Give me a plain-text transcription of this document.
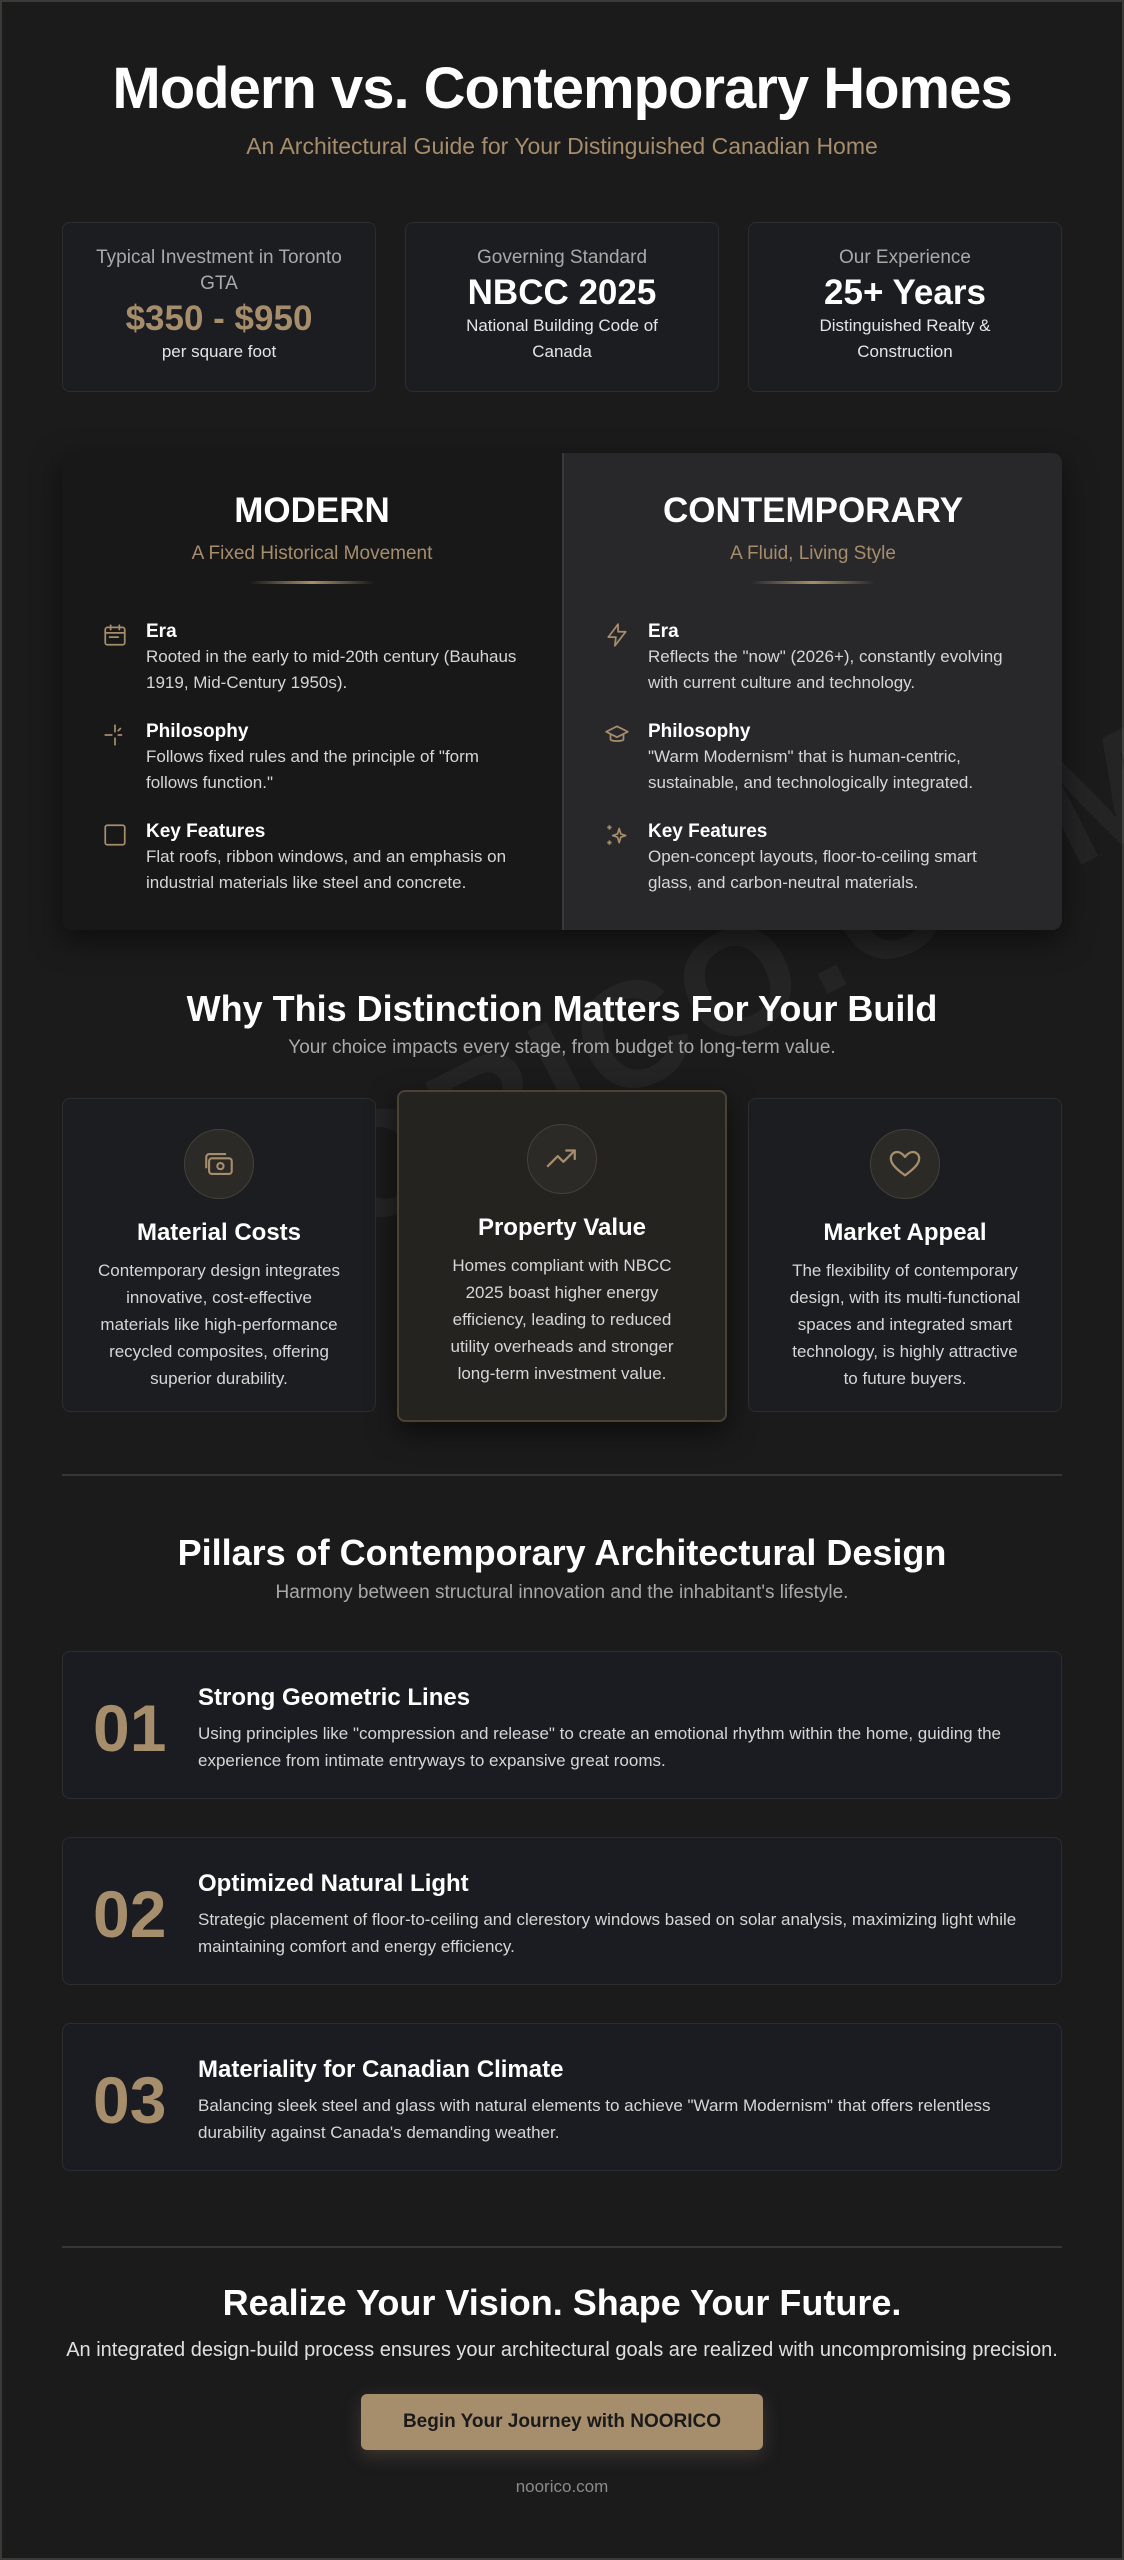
Modern vs. Contemporary Homes
An Architectural Guide for Your Distinguished Canadian Home
Typical Investment in Toronto GTA
$350 - $950
per square foot
Governing Standard
NBCC 2025
National Building Code of Canada
Our Experience
25+ Years
Distinguished Realty & Construction
MODERN
A Fixed Historical Movement
Era

Rooted in the early to mid-20th century (Bauhaus 1919, Mid-Century 1950s).

Philosophy

Follows fixed rules and the principle of "form follows function."

Key Features

Flat roofs, ribbon windows, and an emphasis on industrial materials like steel and concrete.

CONTEMPORARY
A Fluid, Living Style
Era

Reflects the "now" (2026+), constantly evolving with current culture and technology.

Philosophy

"Warm Modernism" that is human-centric, sustainable, and technologically integrated.

Key Features

Open-concept layouts, floor-to-ceiling smart glass, and carbon-neutral materials.

Why This Distinction Matters For Your Build
Your choice impacts every stage, from budget to long-term value.
Material Costs

Contemporary design integrates innovative, cost-effective materials like high-performance recycled composites, offering superior durability.

Property Value

Homes compliant with NBCC 2025 boast higher energy efficiency, leading to reduced utility overheads and stronger long-term investment value.

Market Appeal

The flexibility of contemporary design, with its multi-functional spaces and integrated smart technology, is highly attractive to future buyers.

Pillars of Contemporary Architectural Design
Harmony between structural innovation and the inhabitant's lifestyle.
01 Strong Geometric Lines
Using principles like "compression and release" to create an emotional rhythm within the home, guiding the experience from intimate entryways to expansive great rooms.
02 Optimized Natural Light
Strategic placement of floor-to-ceiling and clerestory windows based on solar analysis, maximizing light while maintaining comfort and energy efficiency.
03 Materiality for Canadian Climate
Balancing sleek steel and glass with natural elements to achieve "Warm Modernism" that offers relentless durability against Canada's demanding weather.
Realize Your Vision. Shape Your Future.
An integrated design-build process ensures your architectural goals are realized with uncompromising precision.
Begin Your Journey with NOORICO
noorico.com
